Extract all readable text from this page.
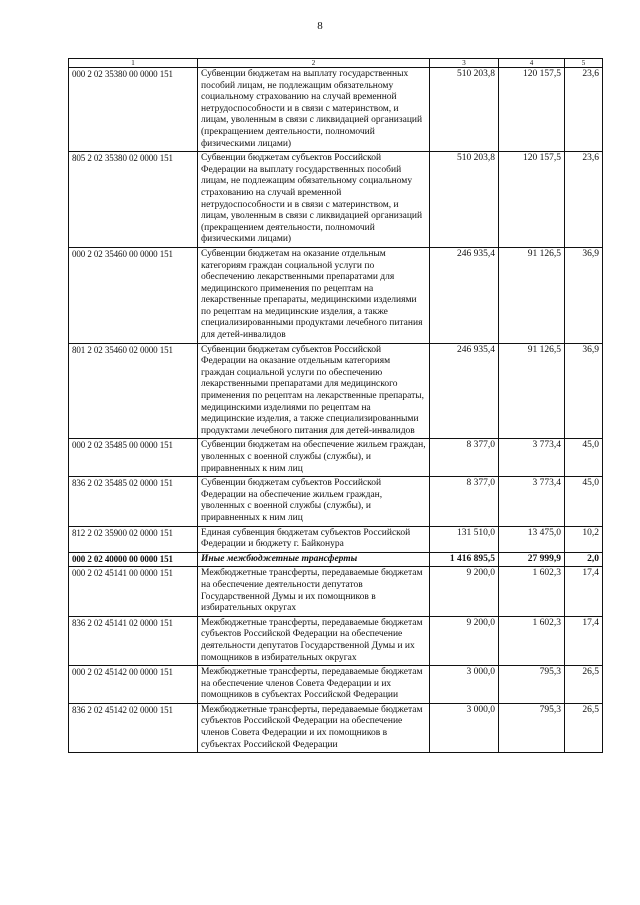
8
1	2	3	4	5
000 2 02 35380 00 0000 151	Субвенции бюджетам на выплату государственных пособий лицам, не подлежащим обязательному социальному страхованию на случай временной нетрудоспособности и в связи с материнством, и лицам, уволенным в связи с ликвидацией организаций (прекращением деятельности, полномочий физическими лицами)	510 203,8	120 157,5	23,6
805 2 02 35380 02 0000 151	Субвенции бюджетам субъектов Российской Федерации на выплату государственных пособий лицам, не подлежащим обязательному социальному страхованию на случай временной нетрудоспособности и в связи с материнством, и лицам, уволенным в связи с ликвидацией организаций (прекращением деятельности, полномочий физическими лицами)	510 203,8	120 157,5	23,6
000 2 02 35460 00 0000 151	Субвенции бюджетам на оказание отдельным категориям граждан социальной услуги по обеспечению лекарственными препаратами для медицинского применения по рецептам на лекарственные препараты, медицинскими изделиями по рецептам на медицинские изделия, а также специализированными продуктами лечебного питания для детей-инвалидов	246 935,4	91 126,5	36,9
801 2 02 35460 02 0000 151	Субвенции бюджетам субъектов Российской Федерации на оказание отдельным категориям граждан социальной услуги по обеспечению лекарственными препаратами для медицинского применения по рецептам на лекарственные препараты, медицинскими изделиями по рецептам на медицинские изделия, а также специализированными продуктами лечебного питания для детей-инвалидов	246 935,4	91 126,5	36,9
000 2 02 35485 00 0000 151	Субвенции бюджетам на обеспечение жильем граждан, уволенных с военной службы (службы), и приравненных к ним лиц	8 377,0	3 773,4	45,0
836 2 02 35485 02 0000 151	Субвенции бюджетам субъектов Российской Федерации на обеспечение жильем граждан, уволенных с военной службы (службы), и приравненных к ним лиц	8 377,0	3 773,4	45,0
812 2 02 35900 02 0000 151	Единая субвенция бюджетам субъектов Российской Федерации и бюджету г. Байконура	131 510,0	13 475,0	10,2
000 2 02 40000 00 0000 151	Иные межбюджетные трансферты	1 416 895,5	27 999,9	2,0
000 2 02 45141 00 0000 151	Межбюджетные трансферты, передаваемые бюджетам на обеспечение деятельности депутатов Государственной Думы и их помощников в избирательных округах	9 200,0	1 602,3	17,4
836 2 02 45141 02 0000 151	Межбюджетные трансферты, передаваемые бюджетам субъектов Российской Федерации на обеспечение деятельности депутатов Государственной Думы и их помощников в избирательных округах	9 200,0	1 602,3	17,4
000 2 02 45142 00 0000 151	Межбюджетные трансферты, передаваемые бюджетам на обеспечение членов Совета Федерации и их помощников в субъектах Российской Федерации	3 000,0	795,3	26,5
836 2 02 45142 02 0000 151	Межбюджетные трансферты, передаваемые бюджетам субъектов Российской Федерации на обеспечение членов Совета Федерации и их помощников в субъектах Российской Федерации	3 000,0	795,3	26,5
